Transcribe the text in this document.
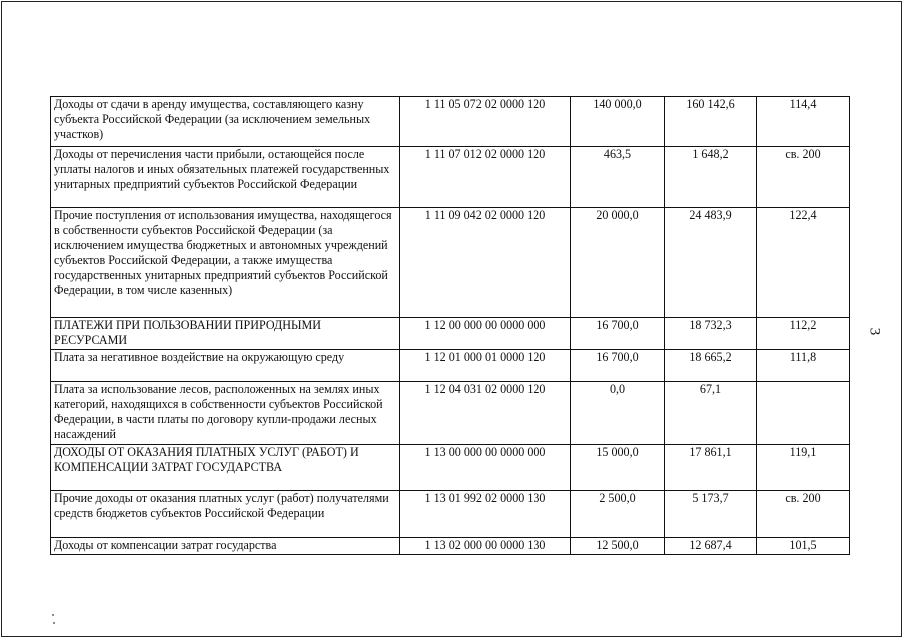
Доходы от сдачи в аренду имущества, составляющего казну субъекта Российской Федерации (за исключением земельных участков)	1 11 05 072 02 0000 120	140 000,0	160 142,6	114,4
Доходы от перечисления части прибыли, остающейся после уплаты налогов и иных обязательных платежей государственных унитарных предприятий субъектов Российской Федерации	1 11 07 012 02 0000 120	463,5	1 648,2	св. 200
Прочие поступления от использования имущества, находящегося в собственности субъектов Российской Федерации (за исключением имущества бюджетных и автономных учреждений субъектов Российской Федерации, а также имущества государственных унитарных предприятий субъектов Российской Федерации, в том числе казенных)	1 11 09 042 02 0000 120	20 000,0	24 483,9	122,4
ПЛАТЕЖИ ПРИ ПОЛЬЗОВАНИИ ПРИРОДНЫМИ РЕСУРСАМИ	1 12 00 000 00 0000 000	16 700,0	18 732,3	112,2
Плата за негативное воздействие на окружающую среду	1 12 01 000 01 0000 120	16 700,0	18 665,2	111,8
Плата за использование лесов, расположенных на землях иных категорий, находящихся в собственности субъектов Российской Федерации, в части платы по договору купли-продажи лесных насаждений	1 12 04 031 02 0000 120	0,0	67,1	
ДОХОДЫ ОТ ОКАЗАНИЯ ПЛАТНЫХ УСЛУГ (РАБОТ) И КОМПЕНСАЦИИ ЗАТРАТ ГОСУДАРСТВА	1 13 00 000 00 0000 000	15 000,0	17 861,1	119,1
Прочие доходы от оказания платных услуг (работ) получателями средств бюджетов субъектов Российской Федерации	1 13 01 992 02 0000 130	2 500,0	5 173,7	св. 200
Доходы от компенсации затрат государства	1 13 02 000 00 0000 130	12 500,0	12 687,4	101,5
3
